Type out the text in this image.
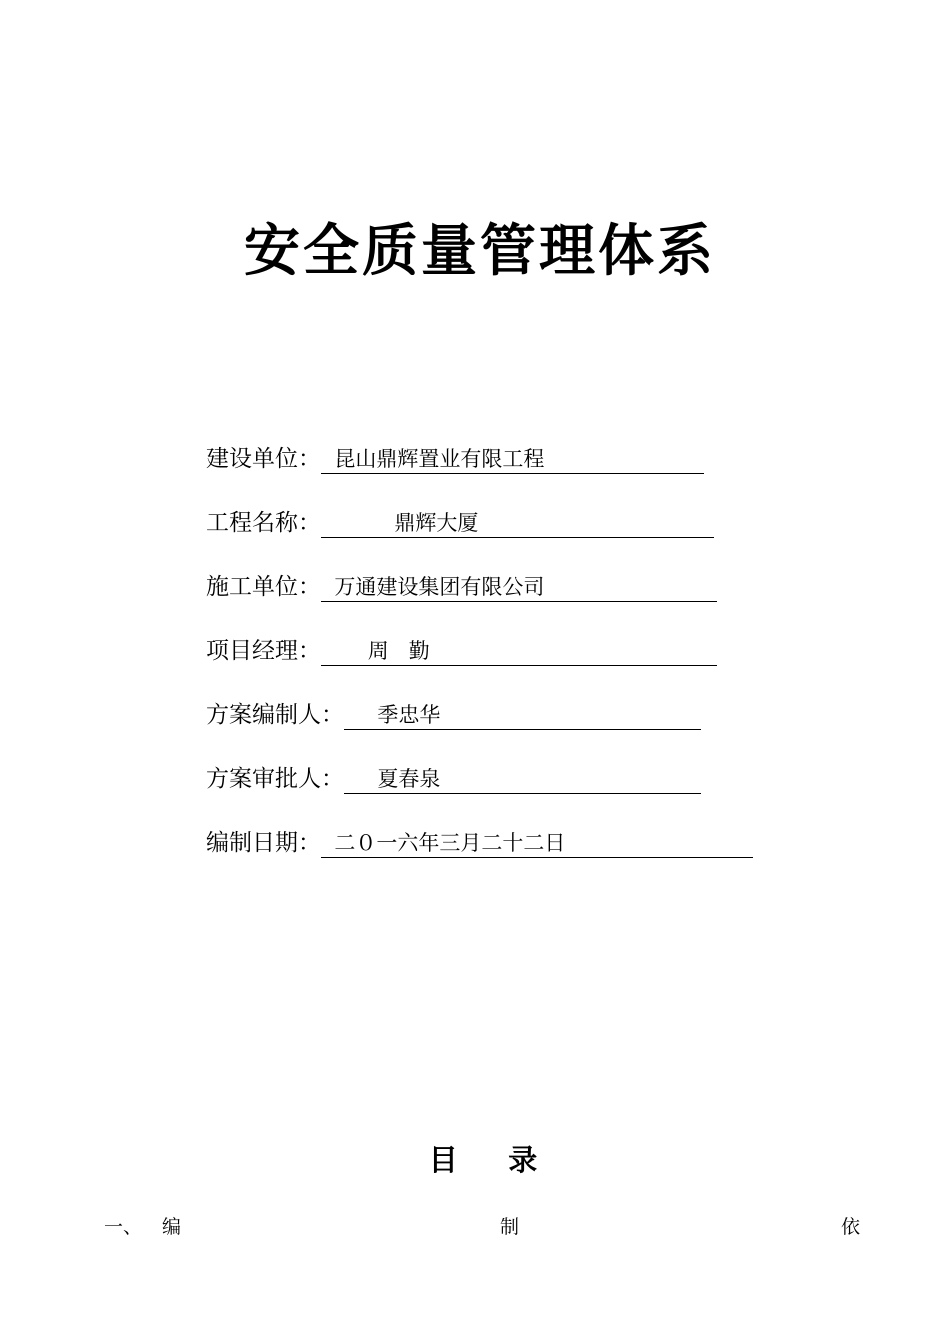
安全质量管理体系
建设单位： 昆山鼎辉置业有限工程
工程名称： 鼎辉大厦
施工单位： 万通建设集团有限公司
项目经理： 周   勤
方案编制人： 季忠华
方案审批人： 夏春泉
编制日期： 二０一六年三月二十二日
目     录
一、 编	制	依
